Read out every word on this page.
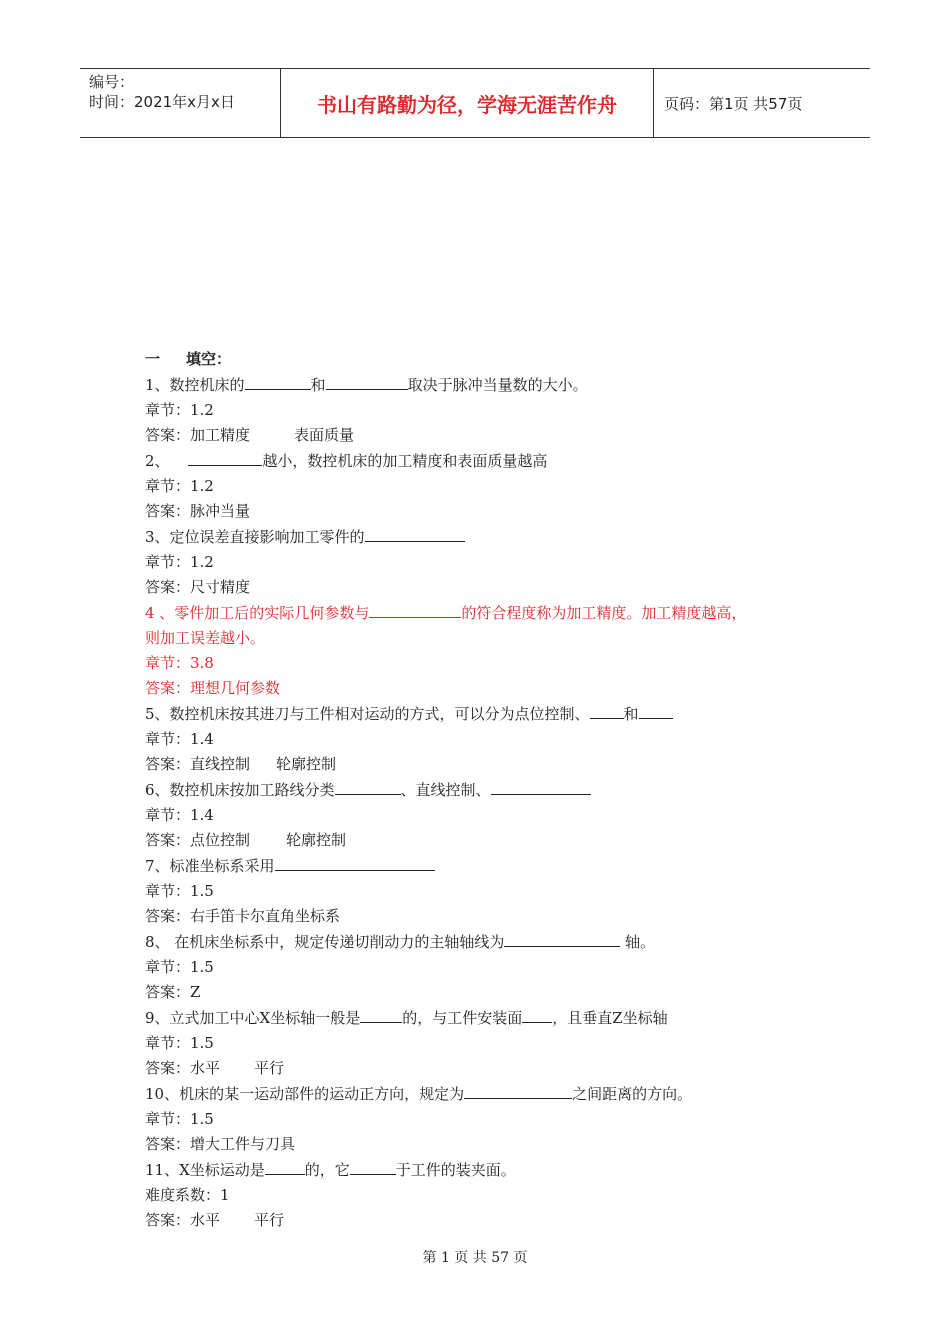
编号：
时间：2021年x月x日	书山有路勤为径，学海无涯苦作舟	页码：第1页 共57页
一 填空：
1、数控机床的	和	取决于脉冲当量数的大小。
章节：1.2
答案：加工精度	表面质量
2、	越小，数控机床的加工精度和表面质量越高
章节：1.2
答案：脉冲当量
3、定位误差直接影响加工零件的
章节：1.2
答案：尺寸精度
4 、零件加工后的实际几何参数与	的符合程度称为加工精度。加工精度越高，
则加工误差越小。
章节：3.8
答案：理想几何参数
5、数控机床按其进刀与工件相对运动的方式，可以分为点位控制、 和
章节：1.4
答案：直线控制 轮廓控制
6、数控机床按加工路线分类	、直线控制、
章节：1.4
答案：点位控制 轮廓控制
7、标准坐标系采用
章节：1.5
答案：右手笛卡尔直角坐标系
8、 在机床坐标系中，规定传递切削动力的主轴轴线为	轴。
章节：1.5
答案：Z
9、立式加工中心X坐标轴一般是	的，与工件安装面 ，且垂直Z坐标轴
章节：1.5
答案：水平 平行
10、机床的某一运动部件的运动正方向，规定为	之间距离的方向。
章节：1.5
答案：增大工件与刀具
11、X坐标运动是	的，它	于工件的装夹面。
难度系数：1
答案：水平 平行
第 1 页 共 57 页
